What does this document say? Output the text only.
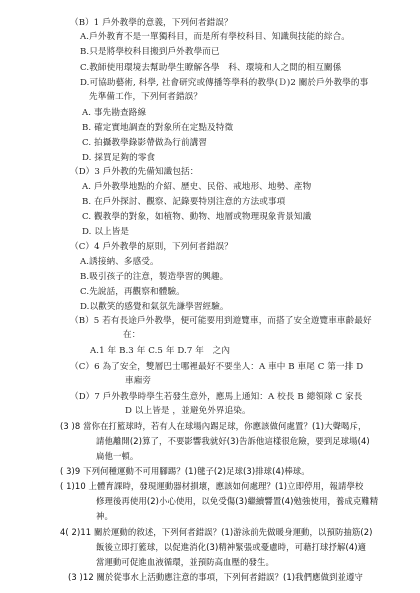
（B）1 戶外教學的意義，下列何者錯誤？
A.戶外教育不是一單獨科目，而是所有學校科目、知識與技能的綜合。
B.只是將學校科目搬到戶外教學而已
C.教師使用環境去幫助學生瞭解各學　科、環境和人之間的相互關係
D.可協助藝術, 科學, 社會研究或傳播等學科的教學(Ｄ)2 關於戶外教學的事
先準備工作，下列何者錯誤？
A. 事先勘查路線
B. 確定實地調查的對象所在定點及特徵
C. 拍攝教學錄影帶做為行前講習
D. 採買足夠的零食
（D）3 戶外教的先備知識包括：
A. 戶外教學地點的介紹、歷史、民俗、戒地形、地勢、產物
B. 在戶外探討、觀察、記錄要特別注意的方法或事項
C. 觀教學的對象，如植物、動物、地層或物理現象背景知識
D. 以上皆是
（C）4 戶外教學的原則，下列何者錯誤？
A.誘接納、多感受。
B.吸引孩子的注意，製造學習的興趣。
C.先說話，再觀察和體驗。
D.以歡笑的感覺和氣氛先謙學習經驗。
（B）5 若有長途戶外教學，便可能要用到遊覽車，而搭了安全遊覽車車齡最好
在：
A.1 年 B.3 年 C.5 年 D.7 年　之內
（C）6 為了安全，雙層巴士哪裡最好不要坐人：A 車中 B 車尾 C 第一排 D
車廂旁
（D）7 戶外教學時學生若發生意外，應馬上通知：A 校長 B 總領隊 C 家長
D 以上皆是 ，並避免外界追染。
(3 )8 當你在打籃球時，若有人在球場內踢足球，你應該做何處置？(1)大聲喝斥，
請他離開(2)算了，不要影響我就好(3)告訴他這樣很危險，要到足球場(4)
扁他一頓。
( 3)9 下列何種運動不可用腳踢？(1)毽子(2)足球(3)排球(4)棒球。
( 1)10 上體育課時，發現運動器材損壞，應該如何處理？(1)立即停用，報請學校
修理後再使用(2)小心使用，以免受傷(3)繼續響置(4)勉強使用，養成克難精
神。
4( 2)11 關於運動的敘述，下列何者錯誤？(1)游泳前先做暖身運動，以預防抽筋(2)
飯後立即打籃球，以促進消化(3)精神緊張或憂慮時，可藉打球抒解(4)適
當運動可促進血液循環，並預防高血壓的發生。
(3 )12 關於從事水上活動應注意的事項，下列何者錯誤？(1)我們應做到並遵守
